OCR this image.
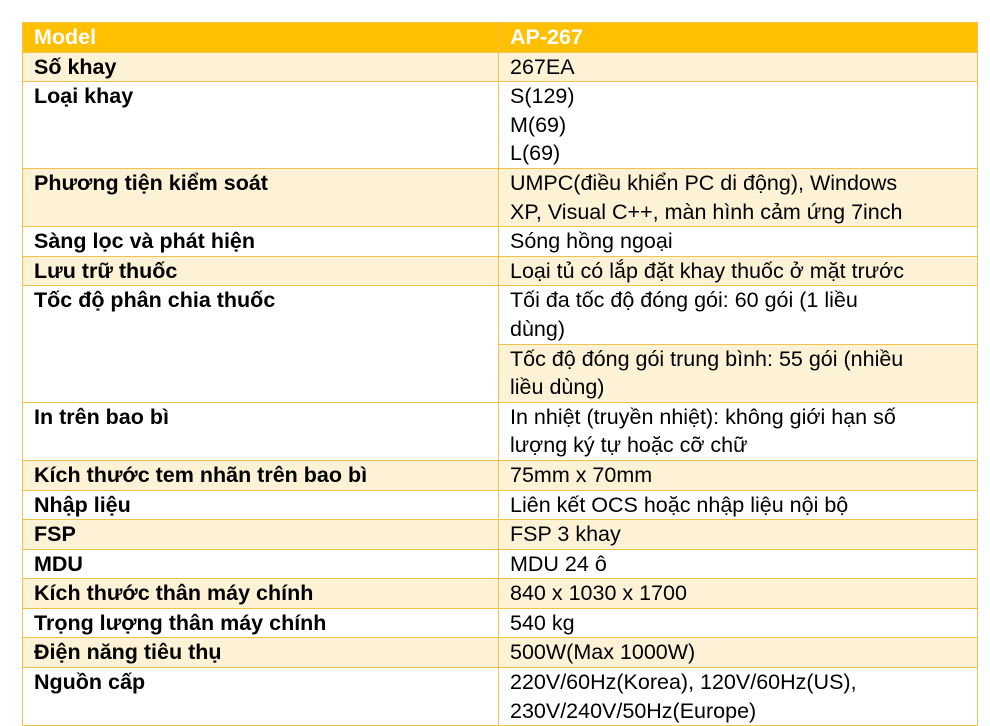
Model	AP-267
Số khay	267EA
Loại khay	S(129)
M(69)
L(69)

Phương tiện kiểm soát	UMPC(điều khiển PC di động), Windows
XP, Visual C++, màn hình cảm ứng 7inch

Sàng lọc và phát hiện	Sóng hồng ngoại
Lưu trữ thuốc	Loại tủ có lắp đặt khay thuốc ở mặt trước
Tốc độ phân chia thuốc	Tối đa tốc độ đóng gói: 60 gói (1 liều
dùng)

	Tốc độ đóng gói trung bình: 55 gói (nhiều
liều dùng)

In trên bao bì	In nhiệt (truyền nhiệt): không giới hạn số
lượng ký tự hoặc cỡ chữ

Kích thước tem nhãn trên bao bì	75mm x 70mm
Nhập liệu	Liên kết OCS hoặc nhập liệu nội bộ
FSP	FSP 3 khay
MDU	MDU 24 ô
Kích thước thân máy chính	840 x 1030 x 1700
Trọng lượng thân máy chính	540 kg
Điện năng tiêu thụ	500W(Max 1000W)
Nguồn cấp	220V/60Hz(Korea), 120V/60Hz(US),
230V/240V/50Hz(Europe)
